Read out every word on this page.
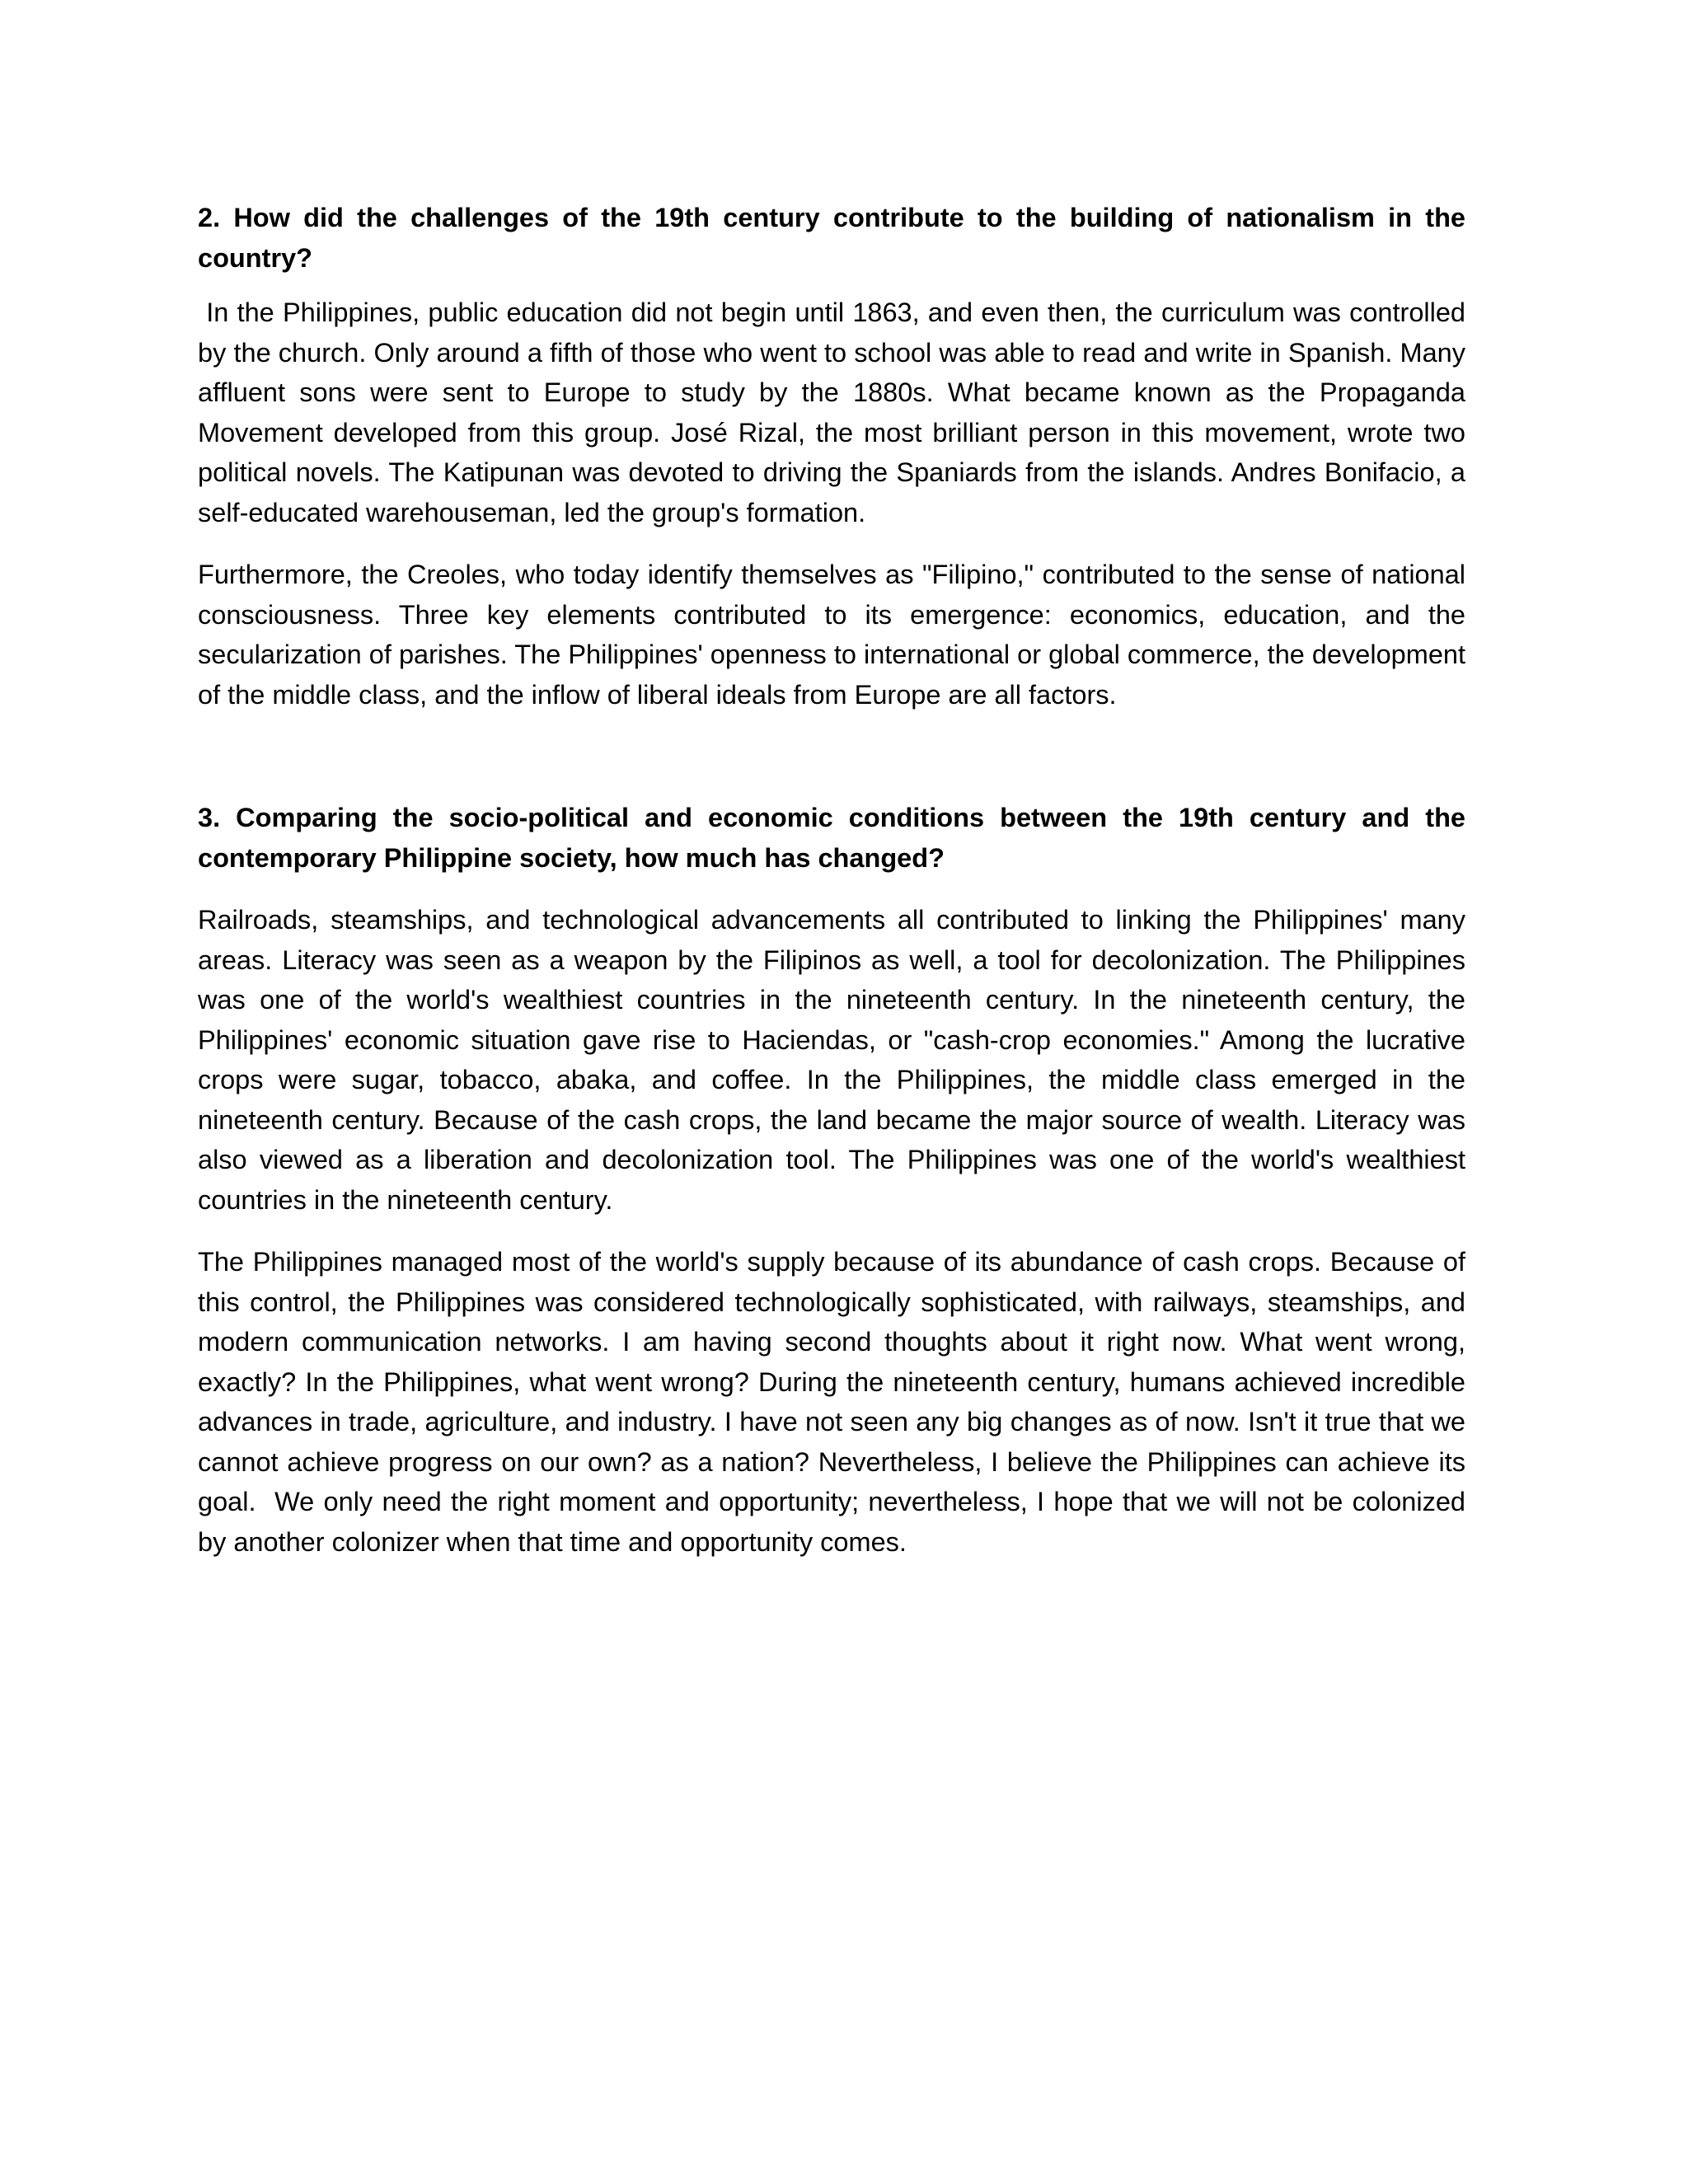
2. How did the challenges of the 19th century contribute to the building of nationalism in the country?

In the Philippines, public education did not begin until 1863, and even then, the curriculum was controlled by the church. Only around a fifth of those who went to school was able to read and write in Spanish. Many affluent sons were sent to Europe to study by the 1880s. What became known as the Propaganda Movement developed from this group. José Rizal, the most brilliant person in this movement, wrote two political novels. The Katipunan was devoted to driving the Spaniards from the islands. Andres Bonifacio, a self-educated warehouseman, led the group's formation.

Furthermore, the Creoles, who today identify themselves as "Filipino," contributed to the sense of national consciousness. Three key elements contributed to its emergence: economics, education, and the secularization of parishes. The Philippines' openness to international or global commerce, the development of the middle class, and the inflow of liberal ideals from Europe are all factors.

3. Comparing the socio-political and economic conditions between the 19th century and the contemporary Philippine society, how much has changed?

Railroads, steamships, and technological advancements all contributed to linking the Philippines' many areas. Literacy was seen as a weapon by the Filipinos as well, a tool for decolonization. The Philippines was one of the world's wealthiest countries in the nineteenth century. In the nineteenth century, the Philippines' economic situation gave rise to Haciendas, or "cash-crop economies." Among the lucrative crops were sugar, tobacco, abaka, and coffee. In the Philippines, the middle class emerged in the nineteenth century. Because of the cash crops, the land became the major source of wealth. Literacy was also viewed as a liberation and decolonization tool. The Philippines was one of the world's wealthiest countries in the nineteenth century.

The Philippines managed most of the world's supply because of its abundance of cash crops. Because of this control, the Philippines was considered technologically sophisticated, with railways, steamships, and modern communication networks. I am having second thoughts about it right now. What went wrong, exactly? In the Philippines, what went wrong? During the nineteenth century, humans achieved incredible advances in trade, agriculture, and industry. I have not seen any big changes as of now. Isn't it true that we cannot achieve progress on our own? as a nation? Nevertheless, I believe the Philippines can achieve its goal.  We only need the right moment and opportunity; nevertheless, I hope that we will not be colonized by another colonizer when that time and opportunity comes.
